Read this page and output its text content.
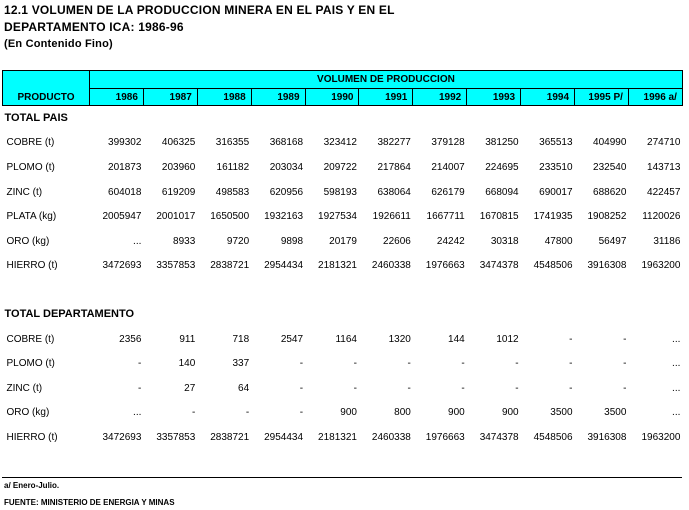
12.1 VOLUMEN DE LA PRODUCCION MINERA EN EL PAIS Y EN EL
DEPARTAMENTO ICA: 1986-96
(En Contenido Fino)
PRODUCTO	VOLUMEN DE PRODUCCION										
	1986	1987	1988	1989	1990	1991	1992	1993	1994	1995 P/	1996 a/
TOTAL PAIS											
COBRE (t)	399302	406325	316355	368168	323412	382277	379128	381250	365513	404990	274710
PLOMO (t)	201873	203960	161182	203034	209722	217864	214007	224695	233510	232540	143713
ZINC (t)	604018	619209	498583	620956	598193	638064	626179	668094	690017	688620	422457
PLATA (kg)	2005947	2001017	1650500	1932163	1927534	1926611	1667711	1670815	1741935	1908252	1120026
ORO (kg)	...	8933	9720	9898	20179	22606	24242	30318	47800	56497	31186
HIERRO (t)	3472693	3357853	2838721	2954434	2181321	2460338	1976663	3474378	4548506	3916308	1963200

TOTAL DEPARTAMENTO											
COBRE (t)	2356	911	718	2547	1164	1320	144	1012	-	-	...
PLOMO (t)	-	140	337	-	-	-	-	-	-	-	...
ZINC (t)	-	27	64	-	-	-	-	-	-	-	...
ORO (kg)	...	-	-	-	900	800	900	900	3500	3500	...
HIERRO (t)	3472693	3357853	2838721	2954434	2181321	2460338	1976663	3474378	4548506	3916308	1963200
a/ Enero-Julio.
FUENTE: MINISTERIO DE ENERGIA Y MINAS
